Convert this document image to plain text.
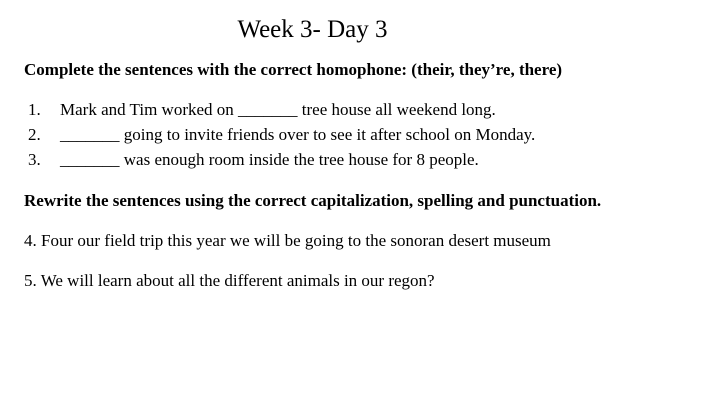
Week 3- Day 3
Complete the sentences with the correct homophone: (their, they’re, there)
1. Mark and Tim worked on _______ tree house all weekend long.
2. _______ going to invite friends over to see it after school on Monday.
3. _______ was enough room inside the tree house for 8 people.
Rewrite the sentences using the correct capitalization, spelling and punctuation.
4. Four our field trip this year we will be going to the sonoran desert museum
5. We will learn about all the different animals in our regon?
